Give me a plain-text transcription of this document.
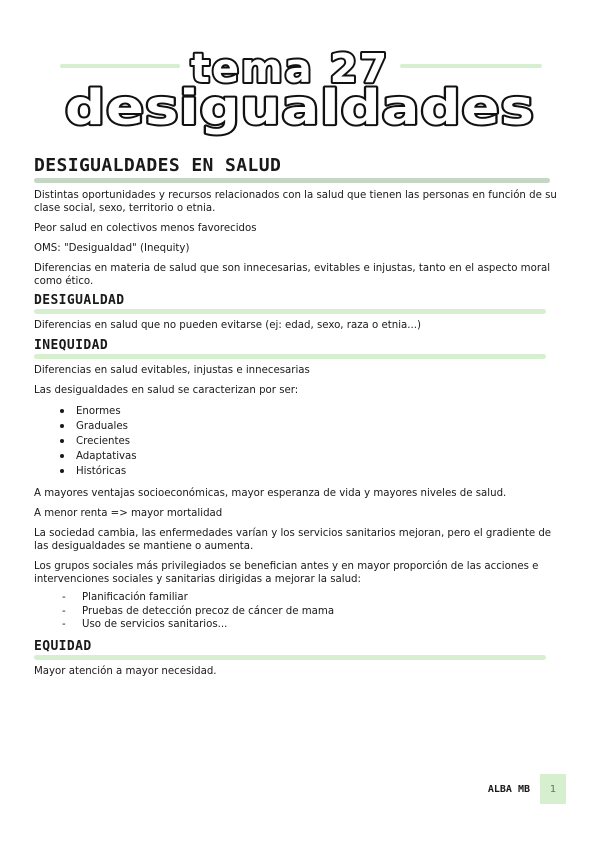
tema 27
desigualdades
DESIGUALDADES EN SALUD

Distintas oportunidades y recursos relacionados con la salud que tienen las personas en función de su clase social, sexo, territorio o etnia.

Peor salud en colectivos menos favorecidos

OMS: "Desigualdad" (Inequity)

Diferencias en materia de salud que son innecesarias, evitables e injustas, tanto en el aspecto moral como ético.

DESIGUALDAD

Diferencias en salud que no pueden evitarse (ej: edad, sexo, raza o etnia...)

INEQUIDAD

Diferencias en salud evitables, injustas e innecesarias

Las desigualdades en salud se caracterizan por ser:

Enormes
Graduales
Crecientes
Adaptativas
Históricas

A mayores ventajas socioeconómicas, mayor esperanza de vida y mayores niveles de salud.

A menor renta => mayor mortalidad

La sociedad cambia, las enfermedades varían y los servicios sanitarios mejoran, pero el gradiente de las desigualdades se mantiene o aumenta.

Los grupos sociales más privilegiados se benefician antes y en mayor proporción de las acciones e intervenciones sociales y sanitarias dirigidas a mejorar la salud:

- Planificación familiar
- Pruebas de detección precoz de cáncer de mama
- Uso de servicios sanitarios...
EQUIDAD

Mayor atención a mayor necesidad.

ALBA MB	1
